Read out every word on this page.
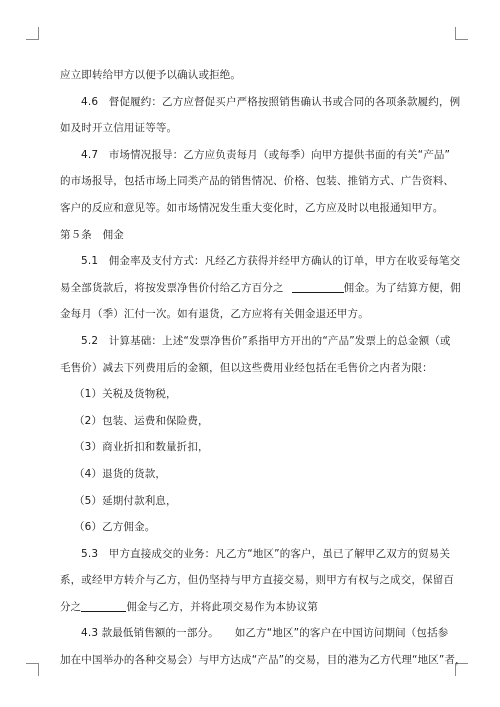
应立即转给甲方以便予以确认或拒绝。

4.6　督促履约：乙方应督促买户严格按照销售确认书或合同的各项条款履约，例

如及时开立信用证等等。

4.7　市场情况报导：乙方应负责每月（或每季）向甲方提供书面的有关“产品”

的市场报导，包括市场上同类产品的销售情况、价格、包装、推销方式、广告资料、

客户的反应和意见等。如市场情况发生重大变化时，乙方应及时以电报通知甲方。

第５条　佣金

5.1　佣金率及支付方式：凡经乙方获得并经甲方确认的订单，甲方在收妥每笔交

易全部货款后，将按发票净售价付给乙方百分之	佣金。为了结算方便，佣

金每月（季）汇付一次。如有退货，乙方应将有关佣金退还甲方。

5.2　计算基础：上述“发票净售价”系指甲方开出的“产品”发票上的总金额（或

毛售价）减去下列费用后的金额，但以这些费用业经包括在毛售价之内者为限：

（1）关税及货物税，

（2）包装、运费和保险费，

（3）商业折扣和数量折扣，

（4）退货的货款，

（5）延期付款利息，

（6）乙方佣金。

5.3　甲方直接成交的业务：凡乙方“地区”的客户，虽已了解甲乙双方的贸易关

系，或经甲方转介与乙方，但仍坚持与甲方直接交易，则甲方有权与之成交，保留百

分之	佣金与乙方，并将此项交易作为本协议第

4.3 款最低销售额的一部分。　　如乙方“地区”的客户在中国访问期间（包括参

加在中国举办的各种交易会）与甲方达成“产品”的交易，目的港为乙方代理“地区”者，
